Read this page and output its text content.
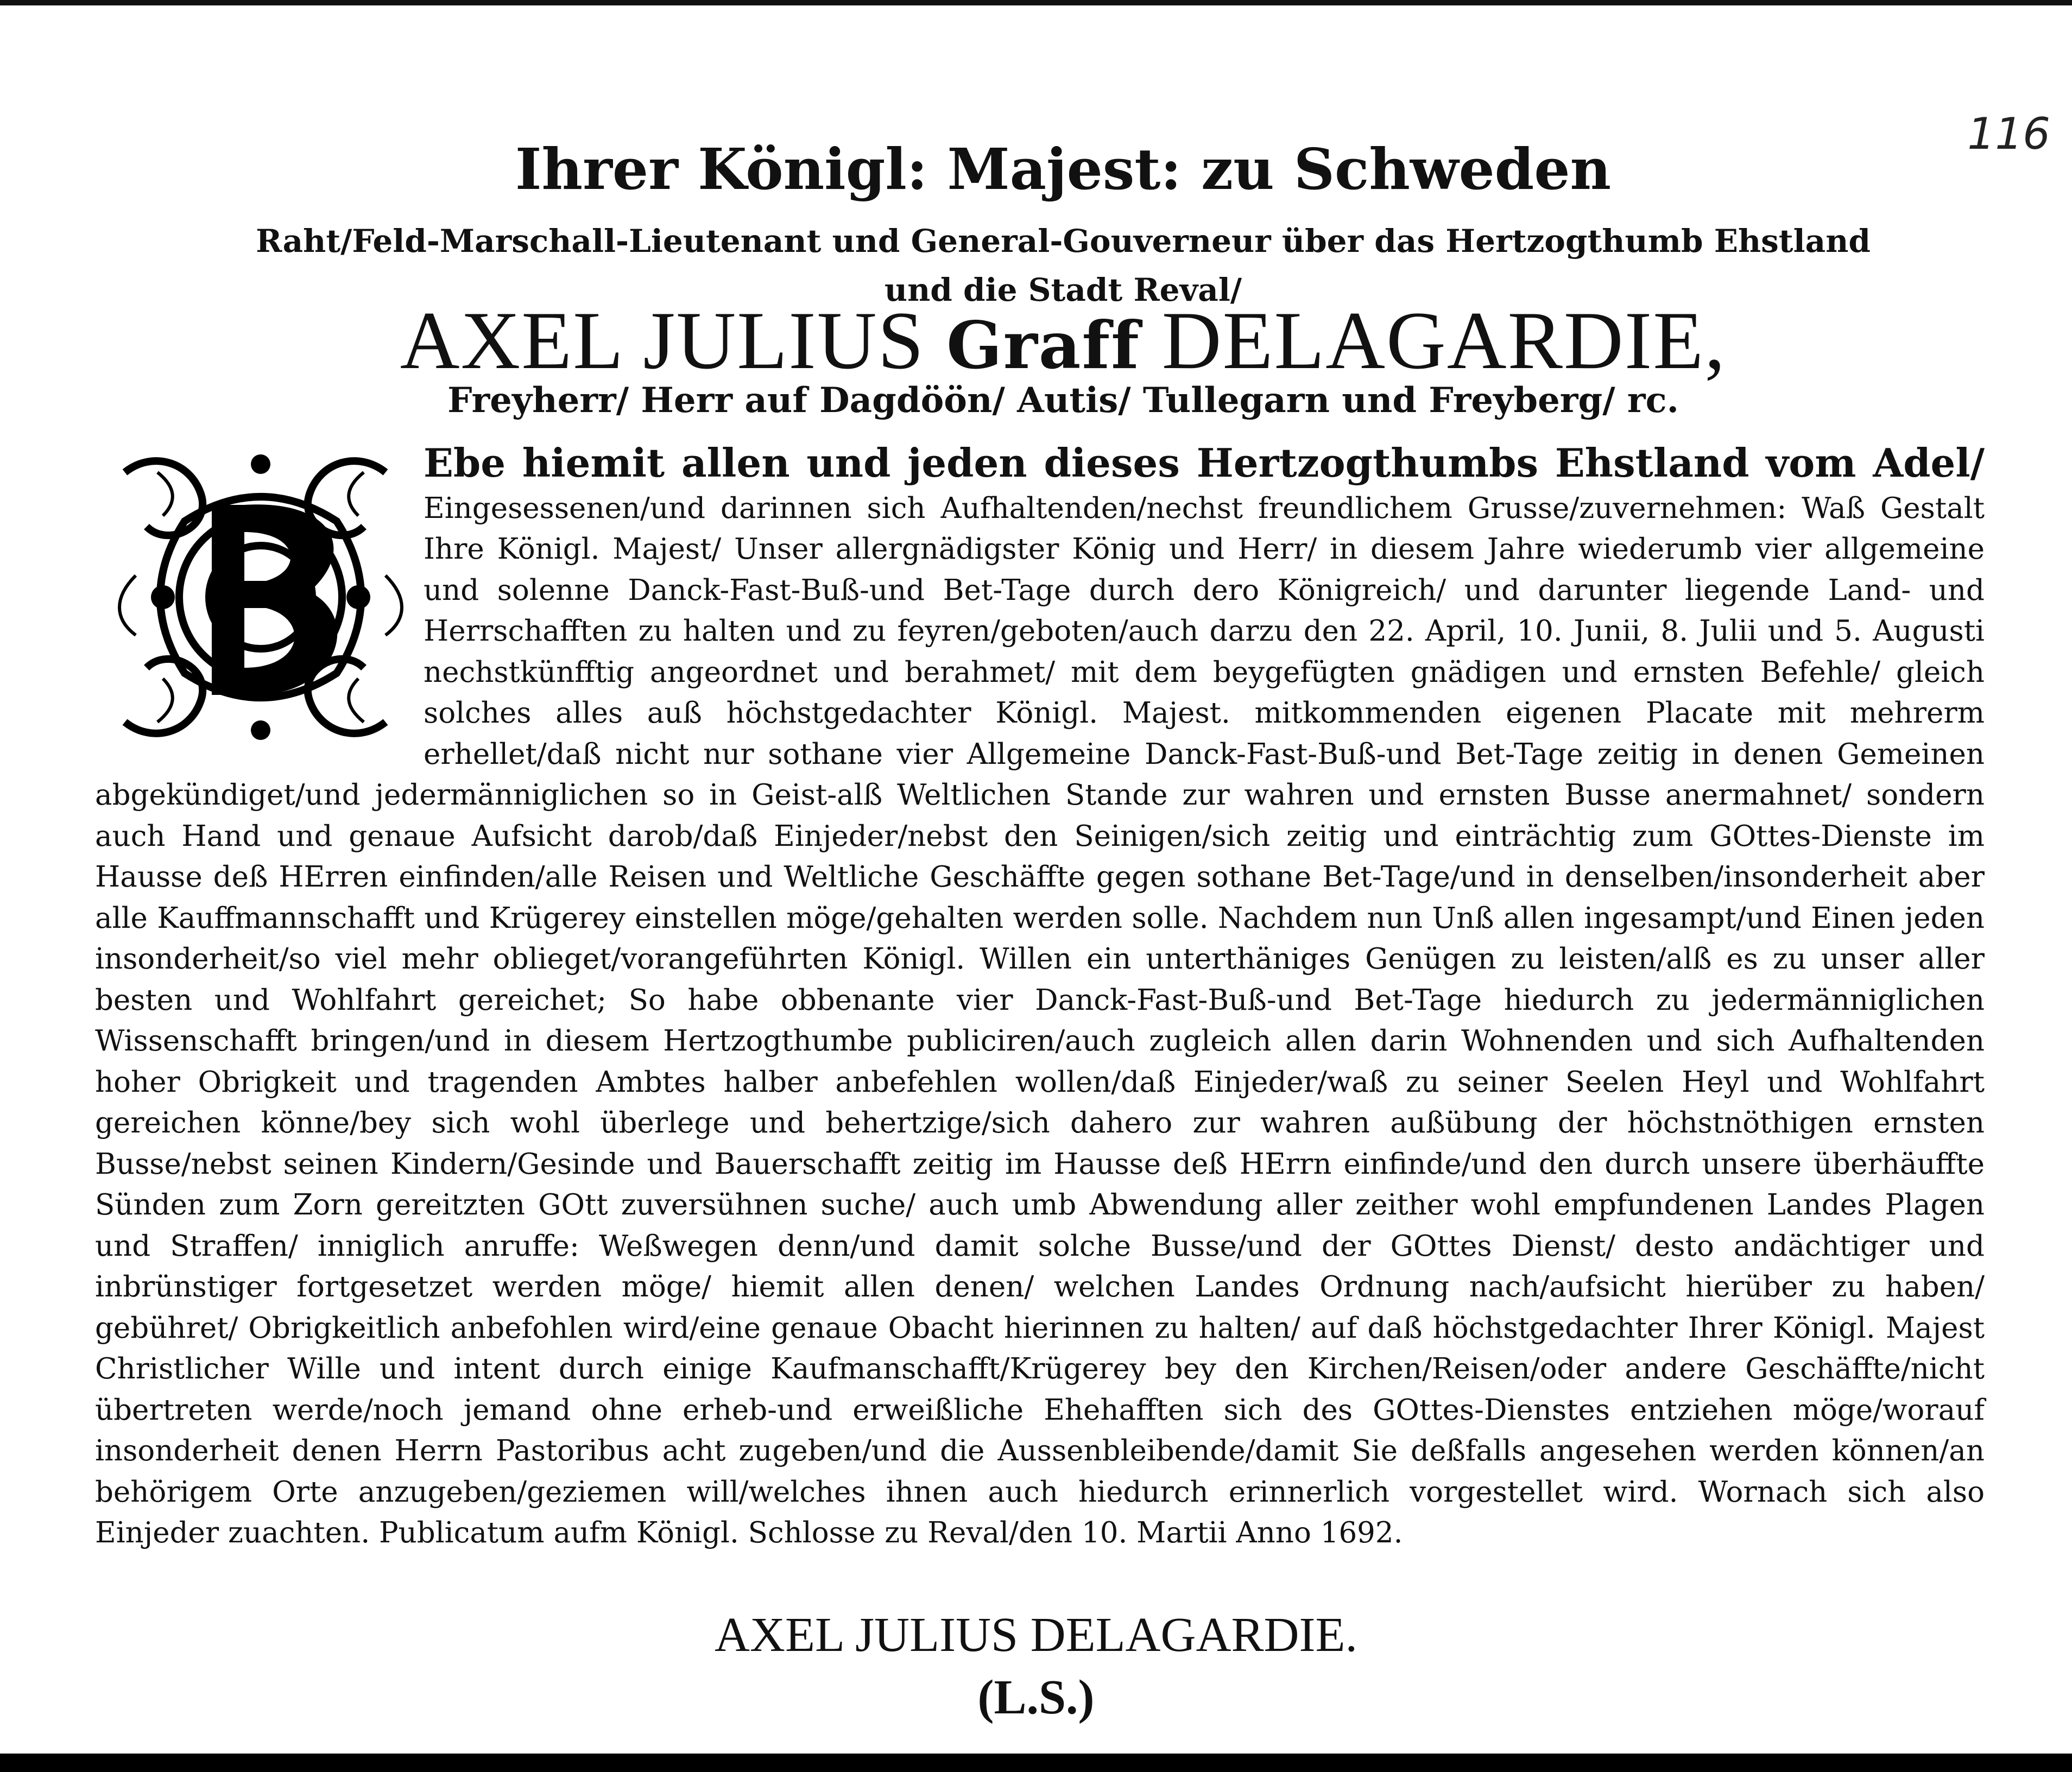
116
Ihrer Königl: Majest: zu Schweden
Raht/Feld-Marschall-Lieutenant und General-Gouverneur über das Hertzogthumb Ehstland
und die Stadt Reval/
AXEL JULIUS Graff DELAGARDIE,
Freyherr/ Herr auf Dagdöön/ Autis/ Tullegarn und Freyberg/ rc.
Ebe hiemit allen und jeden dieses Hertzogthumbs Ehstland vom Adel/ Eingesessenen/und darinnen sich Aufhaltenden/nechst freundlichem Grusse/zuvernehmen: Waß Gestalt Ihre Königl. Majest/ Unser allergnädigster König und Herr/ in diesem Jahre wiederumb vier allgemeine und solenne Danck-Fast-Buß-und Bet-Tage durch dero Königreich/ und darunter liegende Land- und Herrschafften zu halten und zu feyren/geboten/auch darzu den 22. April, 10. Junii, 8. Julii und 5. Augusti nechstkünfftig angeordnet und berahmet/ mit dem beygefügten gnädigen und ernsten Befehle/ gleich solches alles auß höchstgedachter Königl. Majest. mitkommenden eigenen Placate mit mehrerm erhellet/daß nicht nur sothane vier Allgemeine Danck-Fast-Buß-und Bet-Tage zeitig in denen Gemeinen abgekündiget/und jedermänniglichen so in Geist-alß Weltlichen Stande zur wahren und ernsten Busse anermahnet/ sondern auch Hand und genaue Aufsicht darob/daß Einjeder/nebst den Seinigen/sich zeitig und einträchtig zum GOttes-Dienste im Hausse deß HErren einfinden/alle Reisen und Weltliche Geschäffte gegen sothane Bet-Tage/und in denselben/insonderheit aber alle Kauffmannschafft und Krügerey einstellen möge/gehalten werden solle. Nachdem nun Unß allen ingesampt/und Einen jeden insonderheit/so viel mehr oblieget/vorangeführten Königl. Willen ein unterthäniges Genügen zu leisten/alß es zu unser aller besten und Wohlfahrt gereichet; So habe obbenante vier Danck-Fast-Buß-und Bet-Tage hiedurch zu jedermänniglichen Wissenschafft bringen/und in diesem Hertzogthumbe publiciren/auch zugleich allen darin Wohnenden und sich Aufhaltenden hoher Obrigkeit und tragenden Ambtes halber anbefehlen wollen/daß Einjeder/waß zu seiner Seelen Heyl und Wohlfahrt gereichen könne/bey sich wohl überlege und behertzige/sich dahero zur wahren außübung der höchstnöthigen ernsten Busse/nebst seinen Kindern/Gesinde und Bauerschafft zeitig im Hausse deß HErrn einfinde/und den durch unsere überhäuffte Sünden zum Zorn gereitzten GOtt zuversühnen suche/ auch umb Abwendung aller zeither wohl empfundenen Landes Plagen und Straffen/ inniglich anruffe: Weßwegen denn/und damit solche Busse/und der GOttes Dienst/ desto andächtiger und inbrünstiger fortgesetzet werden möge/ hiemit allen denen/ welchen Landes Ordnung nach/aufsicht hierüber zu haben/ gebühret/ Obrigkeitlich anbefohlen wird/eine genaue Obacht hierinnen zu halten/ auf daß höchstgedachter Ihrer Königl. Majest Christlicher Wille und intent durch einige Kaufmanschafft/Krügerey bey den Kirchen/Reisen/oder andere Geschäffte/nicht übertreten werde/noch jemand ohne erheb-und erweißliche Ehehafften sich des GOttes-Dienstes entziehen möge/worauf insonderheit denen Herrn Pastoribus acht zugeben/und die Aussenbleibende/damit Sie deßfalls angesehen werden können/an behörigem Orte anzugeben/geziemen will/welches ihnen auch hiedurch erinnerlich vorgestellet wird. Wornach sich also Einjeder zuachten. Publicatum aufm Königl. Schlosse zu Reval/den 10. Martii Anno 1692.
AXEL JULIUS DELAGARDIE.
(L.S.)
